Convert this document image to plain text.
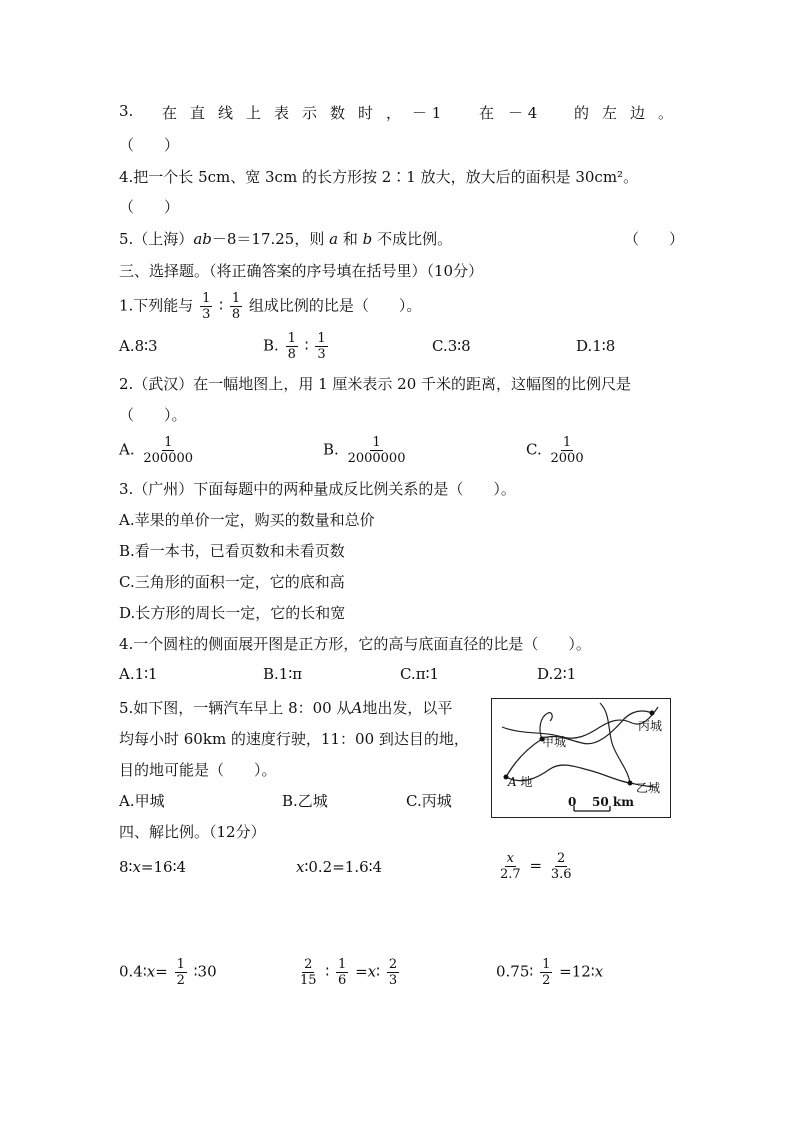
3. 在 直 线 上 表 示 数 时 ， － 1	在 － 4 的 左 边 。
（　　）
4.把一个长 5cm、宽 3cm 的长方形按 2∶1 放大，放大后的面积是 30cm²。
（　　）
5.（上海）ab－8＝17.25，则 a 和 b 不成比例。	（　　）
三、选择题。（将正确答案的序号填在括号里）（10分）
1.下列能与 $\frac{1}{3}$ ∶ $\frac{1}{8}$ 组成比例的比是（　　）。
A.8∶3	B. $\frac{1}{8}$ ∶ $\frac{1}{3}$	C.3∶8	D.1∶8
2.（武汉）在一幅地图上，用 1 厘米表示 20 千米的距离，这幅图的比例尺是
（　　）。
A. $\frac{1}{200000}$	B. $\frac{1}{2000000}$	C. $\frac{1}{2000}$
3.（广州）下面每题中的两种量成反比例关系的是（　　）。
A.苹果的单价一定，购买的数量和总价
B.看一本书，已看页数和未看页数
C.三角形的面积一定，它的底和高
D.长方形的周长一定，它的长和宽
4.一个圆柱的侧面展开图是正方形，它的高与底面直径的比是（　　）。
A.1∶1	B.1∶π	C.π∶1	D.2∶1
5.如下图，一辆汽车早上 8：00 从A地出发，以平
均每小时 60km 的速度行驶，11：00 到达目的地，
目的地可能是（　　）。
A.甲城	B.乙城	C.丙城
甲城
丙城
乙城
A 地
0 50 km
四、解比例。（12分）
8∶x=16∶4	x∶0.2=1.6∶4	$\frac{x}{2.7} = \frac{2}{3.6}$
0.4∶x= $\frac{1}{2}$ ∶30	$\frac{2}{15}$ ∶ $\frac{1}{6}$ =x∶ $\frac{2}{3}$	0.75∶ $\frac{1}{2}$ =12∶x
